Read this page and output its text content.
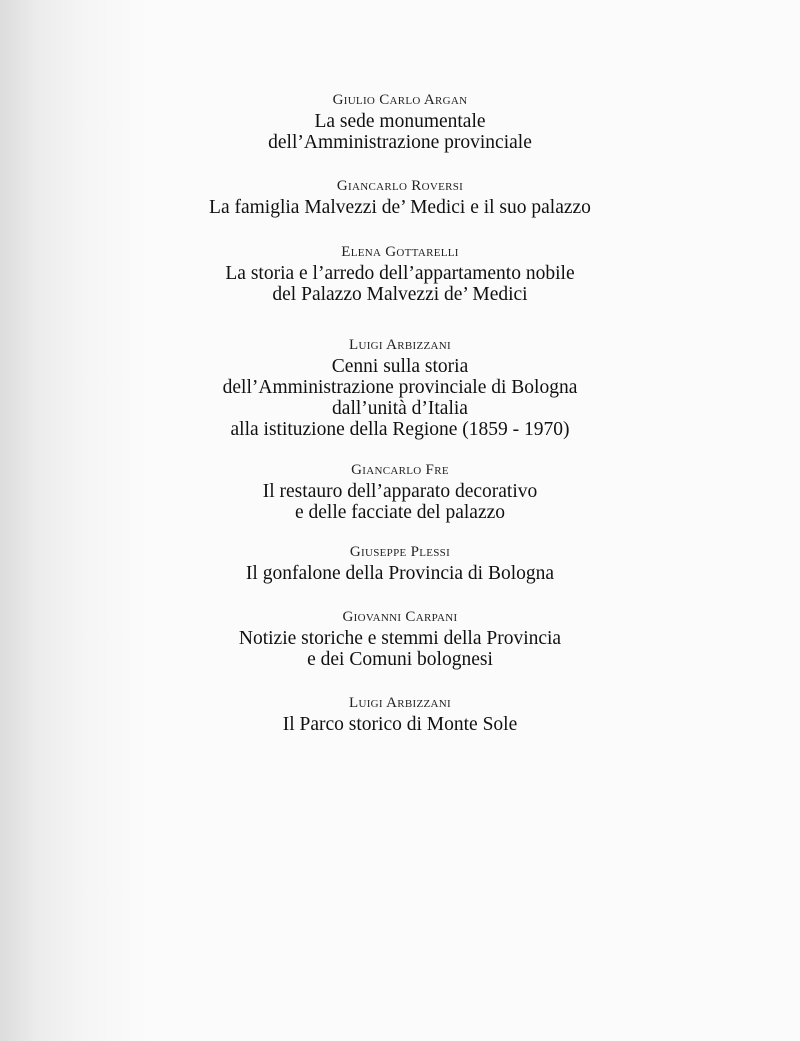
Giulio Carlo Argan
La sede monumentale
dell’Amministrazione provinciale
Giancarlo Roversi
La famiglia Malvezzi de’ Medici e il suo palazzo
Elena Gottarelli
La storia e l’arredo dell’appartamento nobile
del Palazzo Malvezzi de’ Medici
Luigi Arbizzani
Cenni sulla storia
dell’Amministrazione provinciale di Bologna
dall’unità d’Italia
alla istituzione della Regione (1859 - 1970)
Giancarlo Fre
Il restauro dell’apparato decorativo
e delle facciate del palazzo
Giuseppe Plessi
Il gonfalone della Provincia di Bologna
Giovanni Carpani
Notizie storiche e stemmi della Provincia
e dei Comuni bolognesi
Luigi Arbizzani
Il Parco storico di Monte Sole
